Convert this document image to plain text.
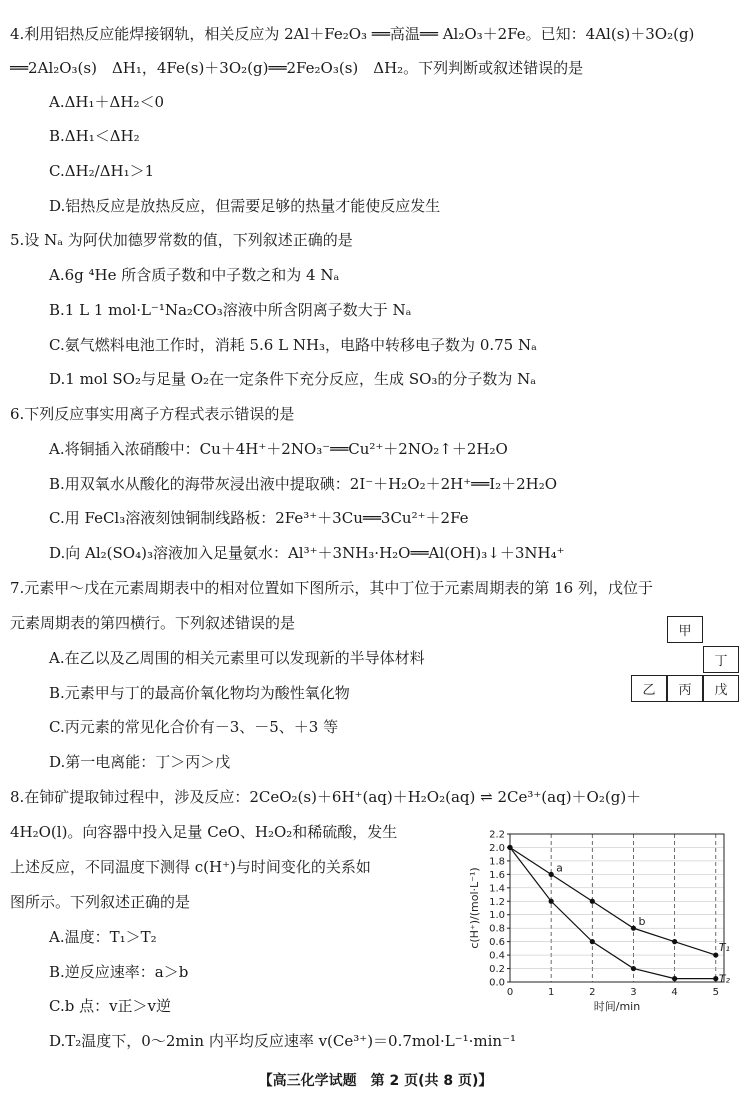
4.利用铝热反应能焊接钢轨，相关反应为 2Al＋Fe₂O₃ ══高温══ Al₂O₃＋2Fe。已知：4Al(s)＋3O₂(g)
══2Al₂O₃(s)　ΔH₁，4Fe(s)＋3O₂(g)══2Fe₂O₃(s)　ΔH₂。下列判断或叙述错误的是
A.ΔH₁＋ΔH₂＜0
B.ΔH₁＜ΔH₂
C.ΔH₂/ΔH₁＞1
D.铝热反应是放热反应，但需要足够的热量才能使反应发生
5.设 Nₐ 为阿伏加德罗常数的值，下列叙述正确的是
A.6g ⁴He 所含质子数和中子数之和为 4 Nₐ
B.1 L 1 mol·L⁻¹Na₂CO₃溶液中所含阴离子数大于 Nₐ
C.氨气燃料电池工作时，消耗 5.6 L NH₃，电路中转移电子数为 0.75 Nₐ
D.1 mol SO₂与足量 O₂在一定条件下充分反应，生成 SO₃的分子数为 Nₐ
6.下列反应事实用离子方程式表示错误的是
A.将铜插入浓硝酸中：Cu＋4H⁺＋2NO₃⁻══Cu²⁺＋2NO₂↑＋2H₂O
B.用双氧水从酸化的海带灰浸出液中提取碘：2I⁻＋H₂O₂＋2H⁺══I₂＋2H₂O
C.用 FeCl₃溶液刻蚀铜制线路板：2Fe³⁺＋3Cu══3Cu²⁺＋2Fe
D.向 Al₂(SO₄)₃溶液加入足量氨水：Al³⁺＋3NH₃·H₂O══Al(OH)₃↓＋3NH₄⁺
7.元素甲～戊在元素周期表中的相对位置如下图所示，其中丁位于元素周期表的第 16 列，戊位于
元素周期表的第四横行。下列叙述错误的是
A.在乙以及乙周围的相关元素里可以发现新的半导体材料
B.元素甲与丁的最高价氧化物均为酸性氧化物
C.丙元素的常见化合价有－3、－5、＋3 等
D.第一电离能：丁＞丙＞戊
甲
丁
乙	丙	戊
8.在铈矿提取铈过程中，涉及反应：2CeO₂(s)＋6H⁺(aq)＋H₂O₂(aq) ⇌ 2Ce³⁺(aq)＋O₂(g)＋
4H₂O(l)。向容器中投入足量 CeO、H₂O₂和稀硫酸，发生
上述反应，不同温度下测得 c(H⁺)与时间变化的关系如
图所示。下列叙述正确的是
A.温度：T₁＞T₂
B.逆反应速率：a＞b
C.b 点：v正＞v逆
D.T₂温度下，0～2min 内平均反应速率 v(Ce³⁺)＝0.7mol·L⁻¹·min⁻¹
0.0
0.2
0.4
0.6
0.8
1.0
1.2
1.4
1.6
1.8
2.0
2.2
0	1	2	3	4	5
时间/min
c(H⁺)/(mol·L⁻¹)	T₁
T₂
a
b
【高三化学试题　第 2 页(共 8 页)】
